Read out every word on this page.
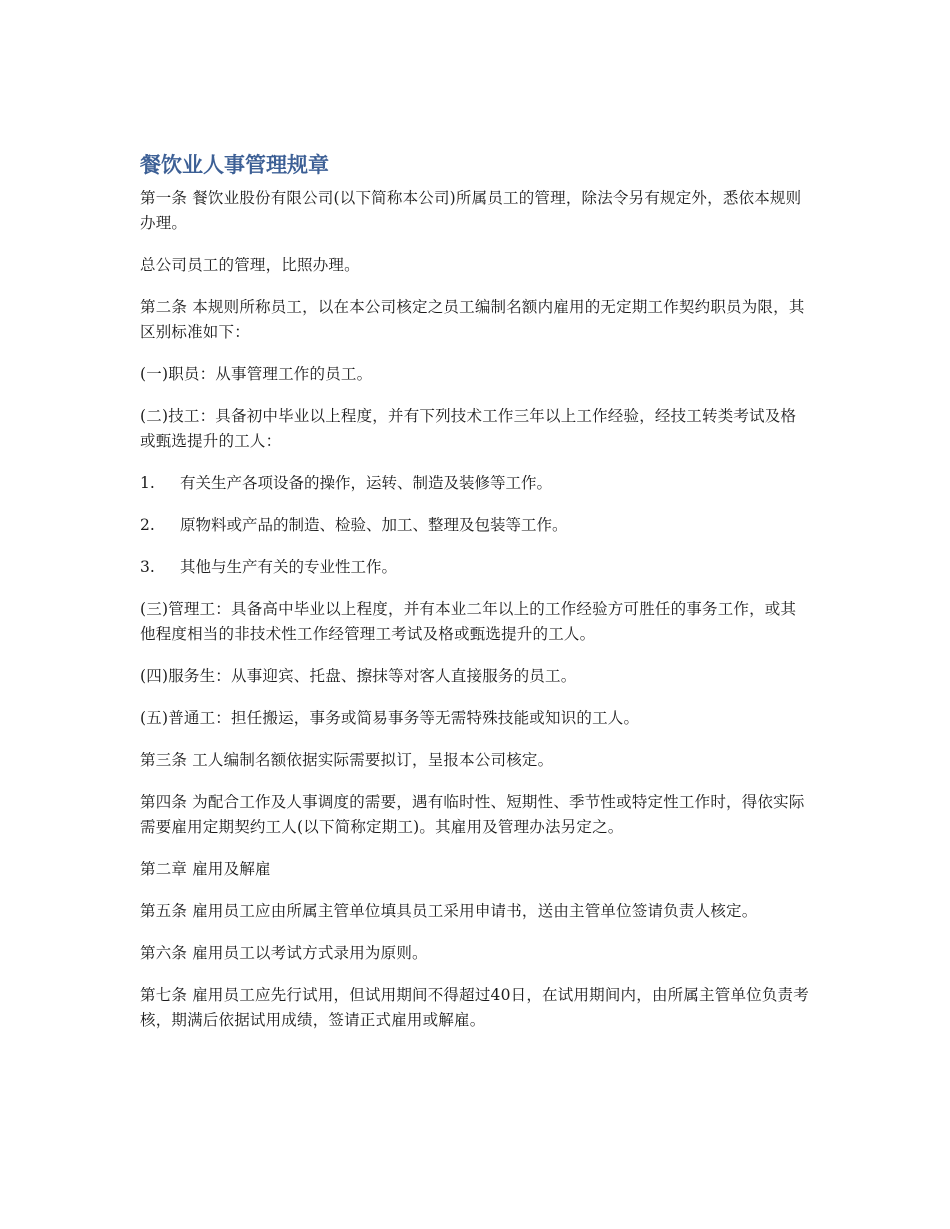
餐饮业人事管理规章

第一条 餐饮业股份有限公司(以下简称本公司)所属员工的管理，除法令另有规定外，悉依本规则办理。

总公司员工的管理，比照办理。

第二条 本规则所称员工，以在本公司核定之员工编制名额内雇用的无定期工作契约职员为限，其区别标准如下：

(一)职员：从事管理工作的员工。

(二)技工：具备初中毕业以上程度，并有下列技术工作三年以上工作经验，经技工转类考试及格或甄选提升的工人：

1.	有关生产各项设备的操作，运转、制造及装修等工作。
2.	原物料或产品的制造、检验、加工、整理及包装等工作。
3.	其他与生产有关的专业性工作。

(三)管理工：具备高中毕业以上程度，并有本业二年以上的工作经验方可胜任的事务工作，或其他程度相当的非技术性工作经管理工考试及格或甄选提升的工人。

(四)服务生：从事迎宾、托盘、擦抹等对客人直接服务的员工。

(五)普通工：担任搬运，事务或简易事务等无需特殊技能或知识的工人。

第三条 工人编制名额依据实际需要拟订，呈报本公司核定。

第四条 为配合工作及人事调度的需要，遇有临时性、短期性、季节性或特定性工作时，得依实际需要雇用定期契约工人(以下简称定期工)。其雇用及管理办法另定之。

第二章 雇用及解雇

第五条 雇用员工应由所属主管单位填具员工采用申请书，送由主管单位签请负责人核定。

第六条 雇用员工以考试方式录用为原则。

第七条 雇用员工应先行试用，但试用期间不得超过40日，在试用期间内，由所属主管单位负责考核，期满后依据试用成绩，签请正式雇用或解雇。
